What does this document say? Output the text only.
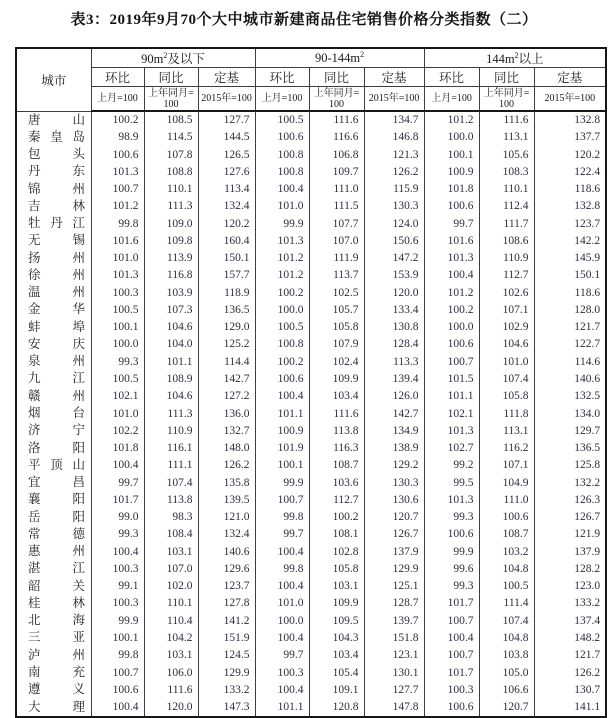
表3：2019年9月70个大中城市新建商品住宅销售价格分类指数（二）
城市	$90m^2$及以下			$90-144m^2$			$144m^2$以上		
	环比	同比	定基	环比	同比	定基	环比	同比	定基
	上月=100	上年同月=100	2015年=100	上月=100	上年同月=100	2015年=100	上月=100	上年同月=100	2015年=100
唐山	100.2	108.5	127.7	100.5	111.6	134.7	101.2	111.6	132.8
秦皇岛	98.9	114.5	144.5	100.6	116.6	146.8	100.0	113.1	137.7
包头	100.6	107.8	126.5	100.8	106.8	121.3	100.1	105.6	120.2
丹东	101.3	108.8	127.6	100.8	109.7	126.2	100.9	108.3	122.4
锦州	100.7	110.1	113.4	100.4	111.0	115.9	101.8	110.1	118.6
吉林	101.2	111.3	132.4	101.0	111.5	130.3	100.6	112.4	132.8
牡丹江	99.8	109.0	120.2	99.9	107.7	124.0	99.7	111.7	123.7
无锡	101.6	109.8	160.4	101.3	107.0	150.6	101.6	108.6	142.2
扬州	101.0	113.9	150.1	101.2	111.9	147.2	101.3	110.9	145.9
徐州	101.3	116.8	157.7	101.2	113.7	153.9	100.4	112.7	150.1
温州	100.3	103.9	118.9	100.2	102.5	120.0	101.2	102.6	118.6
金华	100.5	107.3	136.5	100.0	105.7	133.4	100.2	107.1	128.0
蚌埠	100.1	104.6	129.0	100.5	105.8	130.8	100.0	102.9	121.7
安庆	100.0	104.0	125.2	100.8	107.9	128.4	100.6	104.6	122.7
泉州	99.3	101.1	114.4	100.2	102.4	113.3	100.7	101.0	114.6
九江	100.5	108.9	142.7	100.6	109.9	139.4	101.5	107.4	140.6
赣州	102.1	104.6	127.2	100.4	103.4	126.0	101.1	105.8	132.5
烟台	101.0	111.3	136.0	101.1	111.6	142.7	102.1	111.8	134.0
济宁	102.2	110.9	132.7	100.9	113.8	134.9	101.3	113.1	129.7
洛阳	101.8	116.1	148.0	101.9	116.3	138.9	102.7	116.2	136.5
平顶山	100.4	111.1	126.2	100.1	108.7	129.2	99.2	107.1	125.8
宜昌	99.7	107.4	135.8	99.9	103.6	130.3	99.5	104.9	132.2
襄阳	101.7	113.8	139.5	100.7	112.7	130.6	101.3	111.0	126.3
岳阳	99.0	98.3	121.0	99.8	100.2	120.7	99.3	100.6	126.7
常德	99.3	108.4	132.4	99.7	108.1	126.7	100.6	108.7	121.9
惠州	100.4	103.1	140.6	100.4	102.8	137.9	99.9	103.2	137.9
湛江	100.3	107.0	129.6	99.8	105.8	129.9	99.6	104.8	128.2
韶关	99.1	102.0	123.7	100.4	103.1	125.1	99.3	100.5	123.0
桂林	100.3	110.1	127.8	101.0	109.9	128.7	101.7	111.4	133.2
北海	99.9	110.4	141.2	100.0	109.5	139.7	100.7	107.4	137.4
三亚	100.1	104.2	151.9	100.4	104.3	151.8	100.4	104.8	148.2
泸州	99.8	103.1	124.5	99.7	103.4	123.1	100.7	103.8	121.7
南充	100.7	106.0	129.9	100.3	105.4	130.1	101.7	105.0	126.2
遵义	100.6	111.6	133.2	100.4	109.1	127.7	100.3	106.6	130.7
大理	100.4	120.0	147.3	101.1	120.8	147.8	100.6	120.7	141.1
